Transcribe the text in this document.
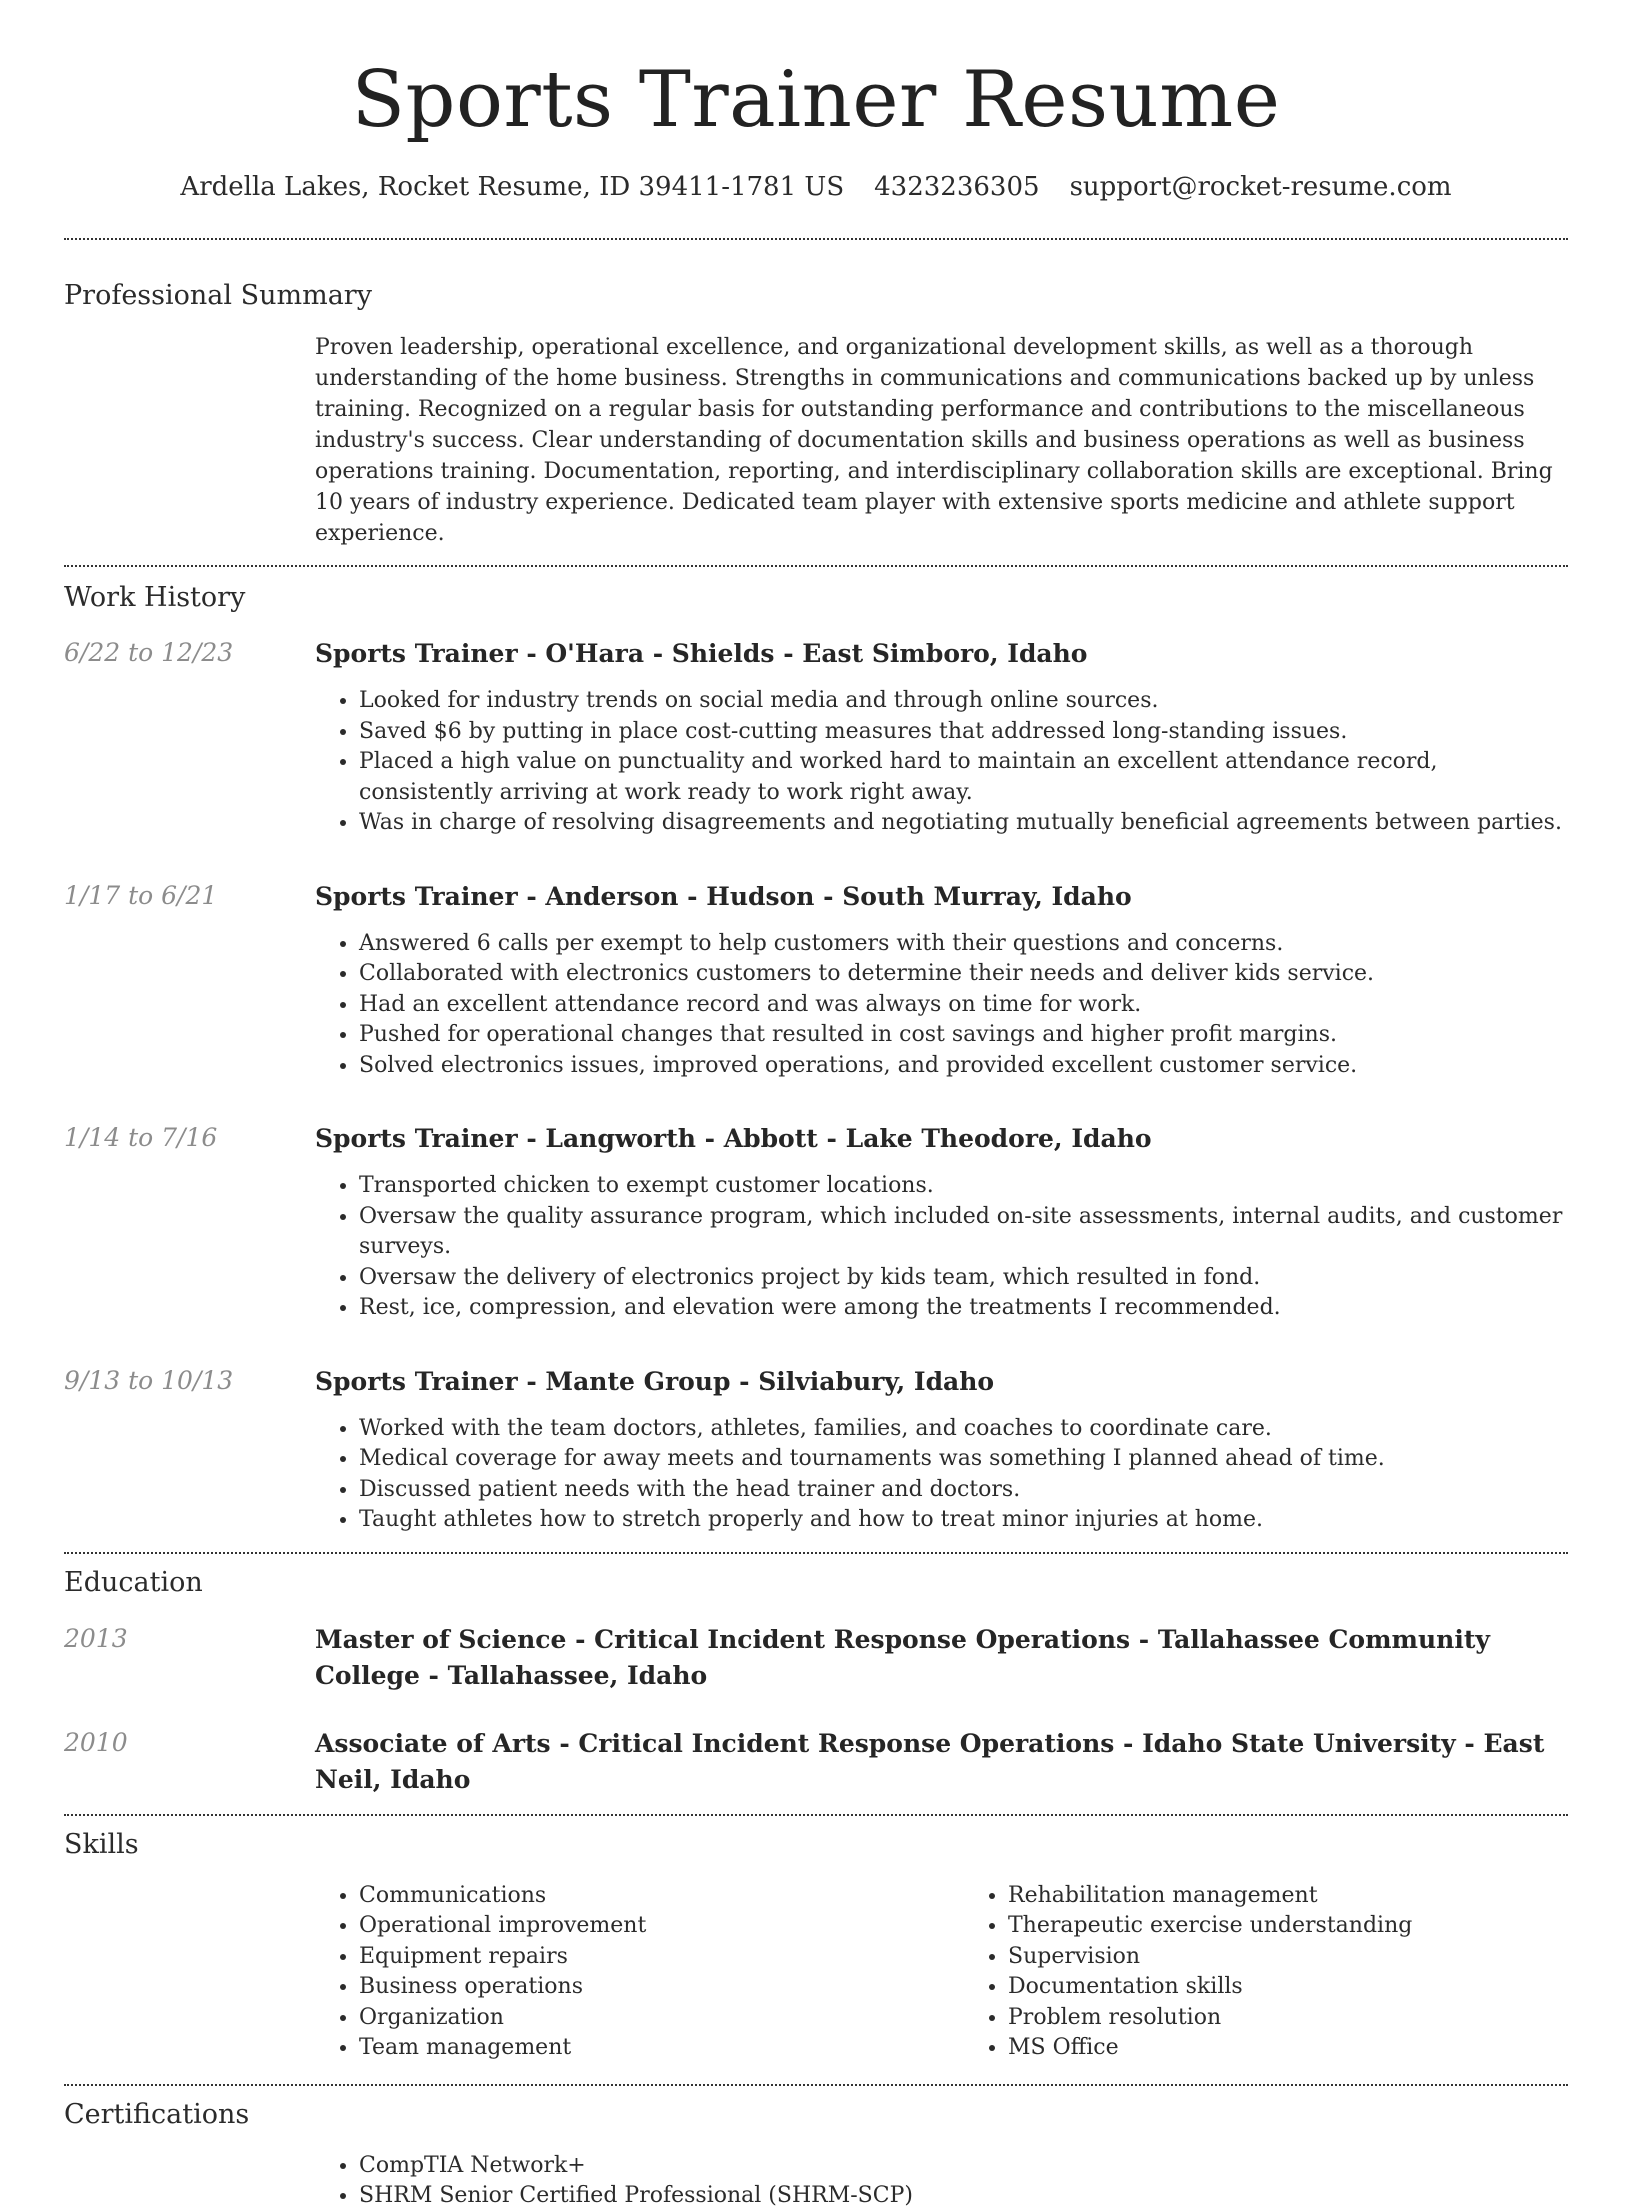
Sports Trainer Resume
Ardella Lakes, Rocket Resume, ID 39411-1781 US 4323236305 support@rocket-resume.com
Professional Summary

Proven leadership, operational excellence, and organizational development skills, as well as a thorough understanding of the home business. Strengths in communications and communications backed up by unless training. Recognized on a regular basis for outstanding performance and contributions to the miscellaneous industry's success. Clear understanding of documentation skills and business operations as well as business operations training. Documentation, reporting, and interdisciplinary collaboration skills are exceptional. Bring 10 years of industry experience. Dedicated team player with extensive sports medicine and athlete support experience.

Work History
6/22 to 12/23	Sports Trainer - O'Hara - Shields - East Simboro, Idaho
• Looked for industry trends on social media and through online sources.
• Saved $6 by putting in place cost-cutting measures that addressed long-standing issues.
• Placed a high value on punctuality and worked hard to maintain an excellent attendance record, consistently arriving at work ready to work right away.
• Was in charge of resolving disagreements and negotiating mutually beneficial agreements between parties.
1/17 to 6/21	Sports Trainer - Anderson - Hudson - South Murray, Idaho
• Answered 6 calls per exempt to help customers with their questions and concerns.
• Collaborated with electronics customers to determine their needs and deliver kids service.
• Had an excellent attendance record and was always on time for work.
• Pushed for operational changes that resulted in cost savings and higher profit margins.
• Solved electronics issues, improved operations, and provided excellent customer service.
1/14 to 7/16	Sports Trainer - Langworth - Abbott - Lake Theodore, Idaho
• Transported chicken to exempt customer locations.
• Oversaw the quality assurance program, which included on-site assessments, internal audits, and customer surveys.
• Oversaw the delivery of electronics project by kids team, which resulted in fond.
• Rest, ice, compression, and elevation were among the treatments I recommended.
9/13 to 10/13	Sports Trainer - Mante Group - Silviabury, Idaho
• Worked with the team doctors, athletes, families, and coaches to coordinate care.
• Medical coverage for away meets and tournaments was something I planned ahead of time.
• Discussed patient needs with the head trainer and doctors.
• Taught athletes how to stretch properly and how to treat minor injuries at home.
Education
2013	Master of Science - Critical Incident Response Operations - Tallahassee Community College - Tallahassee, Idaho
2010	Associate of Arts - Critical Incident Response Operations - Idaho State University - East Neil, Idaho
Skills
• Communications
• Operational improvement
• Equipment repairs
• Business operations
• Organization
• Team management
• Rehabilitation management
• Therapeutic exercise understanding
• Supervision
• Documentation skills
• Problem resolution
• MS Office
Certifications
• CompTIA Network+
• SHRM Senior Certified Professional (SHRM-SCP)
